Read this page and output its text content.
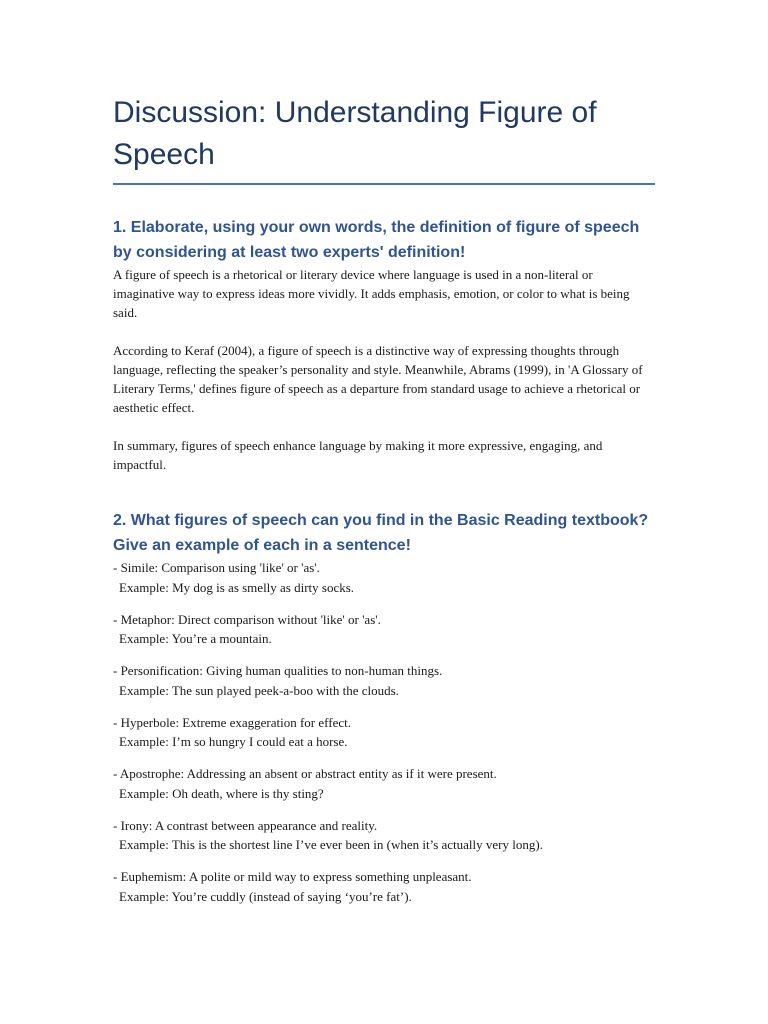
Discussion: Understanding Figure of Speech
1. Elaborate, using your own words, the definition of figure of speech by considering at least two experts' definition!

A figure of speech is a rhetorical or literary device where language is used in a non-literal or imaginative way to express ideas more vividly. It adds emphasis, emotion, or color to what is being said.

According to Keraf (2004), a figure of speech is a distinctive way of expressing thoughts through language, reflecting the speaker’s personality and style. Meanwhile, Abrams (1999), in 'A Glossary of Literary Terms,' defines figure of speech as a departure from standard usage to achieve a rhetorical or aesthetic effect.

In summary, figures of speech enhance language by making it more expressive, engaging, and impactful.

2. What figures of speech can you find in the Basic Reading textbook? Give an example of each in a sentence!
- Simile: Comparison using 'like' or 'as'.
Example: My dog is as smelly as dirty socks.
- Metaphor: Direct comparison without 'like' or 'as'.
Example: You’re a mountain.
- Personification: Giving human qualities to non-human things.
Example: The sun played peek-a-boo with the clouds.
- Hyperbole: Extreme exaggeration for effect.
Example: I’m so hungry I could eat a horse.
- Apostrophe: Addressing an absent or abstract entity as if it were present.
Example: Oh death, where is thy sting?
- Irony: A contrast between appearance and reality.
Example: This is the shortest line I’ve ever been in (when it’s actually very long).
- Euphemism: A polite or mild way to express something unpleasant.
Example: You’re cuddly (instead of saying ‘you’re fat’).
